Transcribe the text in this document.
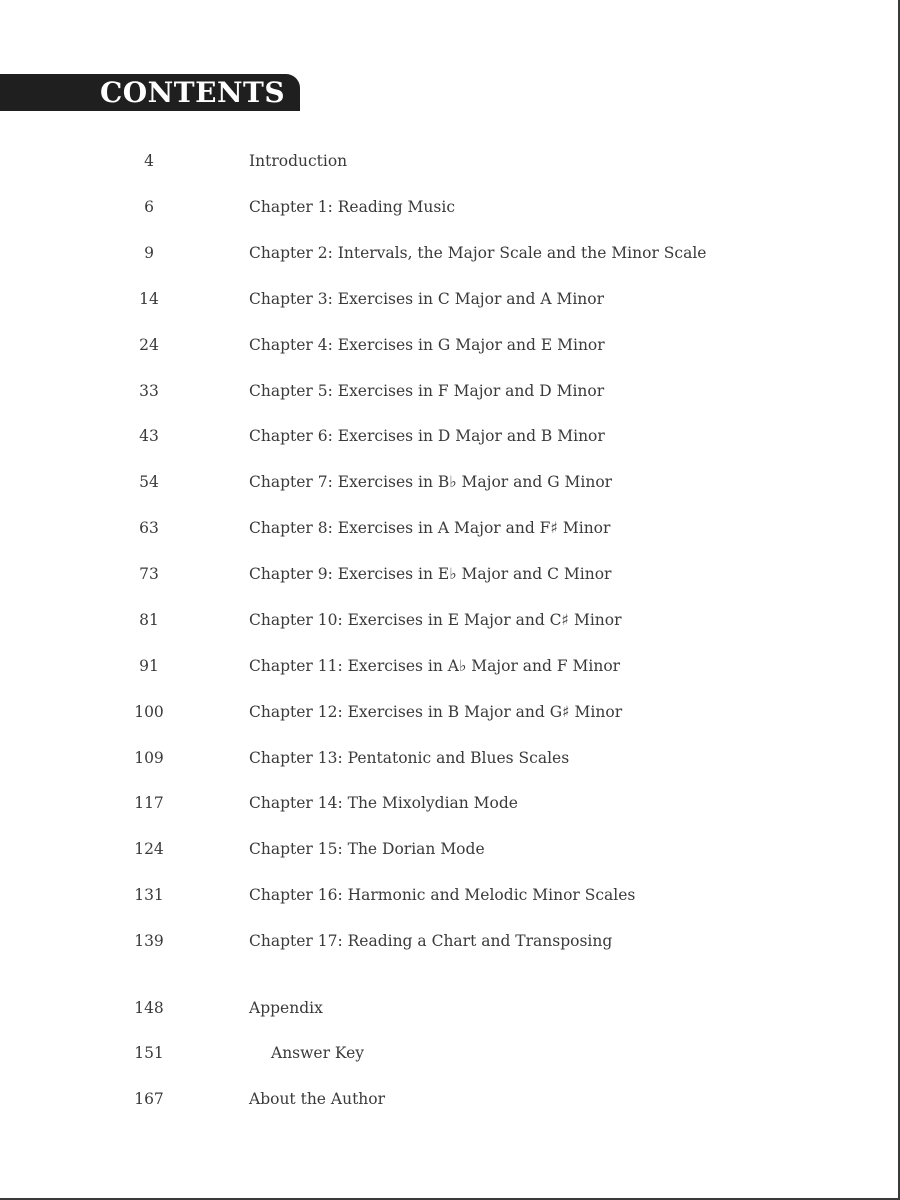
CONTENTS
4	Introduction
6	Chapter 1: Reading Music
9	Chapter 2: Intervals, the Major Scale and the Minor Scale
14	Chapter 3: Exercises in C Major and A Minor
24	Chapter 4: Exercises in G Major and E Minor
33	Chapter 5: Exercises in F Major and D Minor
43	Chapter 6: Exercises in D Major and B Minor
54	Chapter 7: Exercises in B♭ Major and G Minor
63	Chapter 8: Exercises in A Major and F♯ Minor
73	Chapter 9: Exercises in E♭ Major and C Minor
81	Chapter 10: Exercises in E Major and C♯ Minor
91	Chapter 11: Exercises in A♭ Major and F Minor
100	Chapter 12: Exercises in B Major and G♯ Minor
109	Chapter 13: Pentatonic and Blues Scales
117	Chapter 14: The Mixolydian Mode
124	Chapter 15: The Dorian Mode
131	Chapter 16: Harmonic and Melodic Minor Scales
139	Chapter 17: Reading a Chart and Transposing
148	Appendix
151	Answer Key
167	About the Author
